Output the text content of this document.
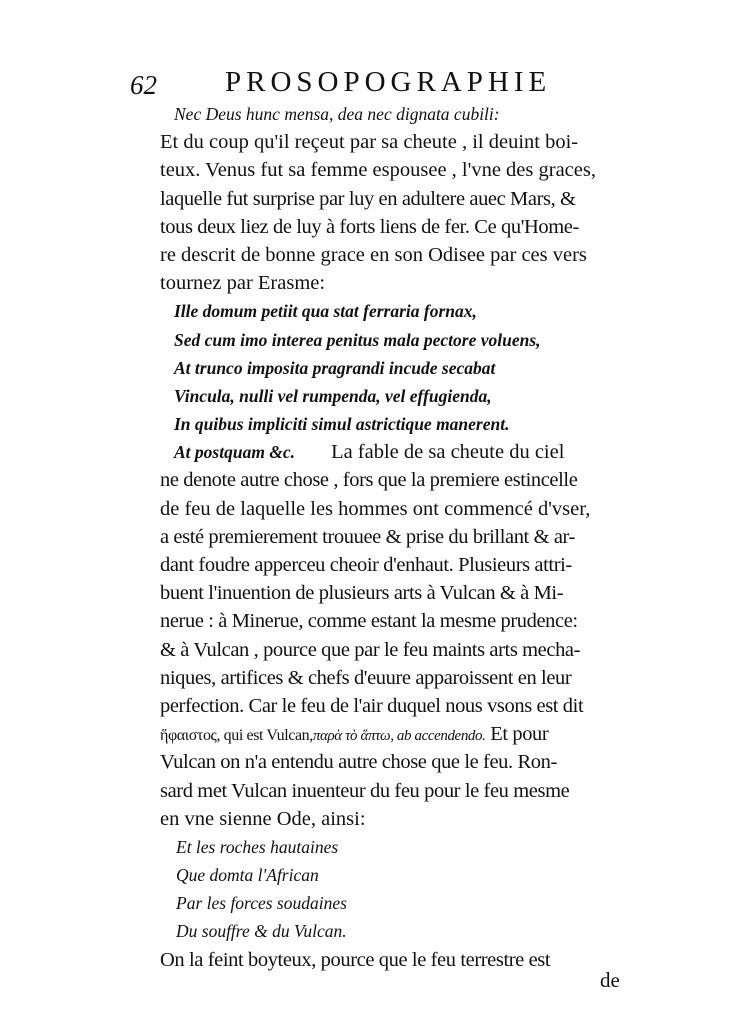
62 PROSOPOGRAPHIE
Nec Deus hunc mensa, dea nec dignata cubili:
Et du coup qu'il reçeut par sa cheute , il deuint boi-
teux. Venus fut sa femme espousee , l'vne des graces,
laquelle fut surprise par luy en adultere auec Mars, &
tous deux liez de luy à forts liens de fer. Ce qu'Home-
re descrit de bonne grace en son Odisee par ces vers
tournez par Erasme:
Ille domum petiit qua stat ferraria fornax,
Sed cum imo interea penitus mala pectore voluens,
At trunco imposita pragrandi incude secabat
Vincula, nulli vel rumpenda, vel effugienda,
In quibus impliciti simul astrictique manerent.
At postquam &c. La fable de sa cheute du ciel
ne denote autre chose , fors que la premiere estincelle
de feu de laquelle les hommes ont commencé d'vser,
a esté premierement trouuee & prise du brillant & ar-
dant foudre apperceu cheoir d'enhaut. Plusieurs attri-
buent l'inuention de plusieurs arts à Vulcan & à Mi-
nerue : à Minerue, comme estant la mesme prudence:
& à Vulcan , pource que par le feu maints arts mecha-
niques, artifices & chefs d'euure apparoissent en leur
perfection. Car le feu de l'air duquel nous vsons est dit
ἥφαιστος, qui est Vulcan,παρὰ τὸ ἅπτω, ab accendendo. Et pour
Vulcan on n'a entendu autre chose que le feu. Ron-
sard met Vulcan inuenteur du feu pour le feu mesme
en vne sienne Ode, ainsi:
Et les roches hautaines
Que domta l'African
Par les forces soudaines
Du souffre & du Vulcan.
On la feint boyteux, pource que le feu terrestre est
de
